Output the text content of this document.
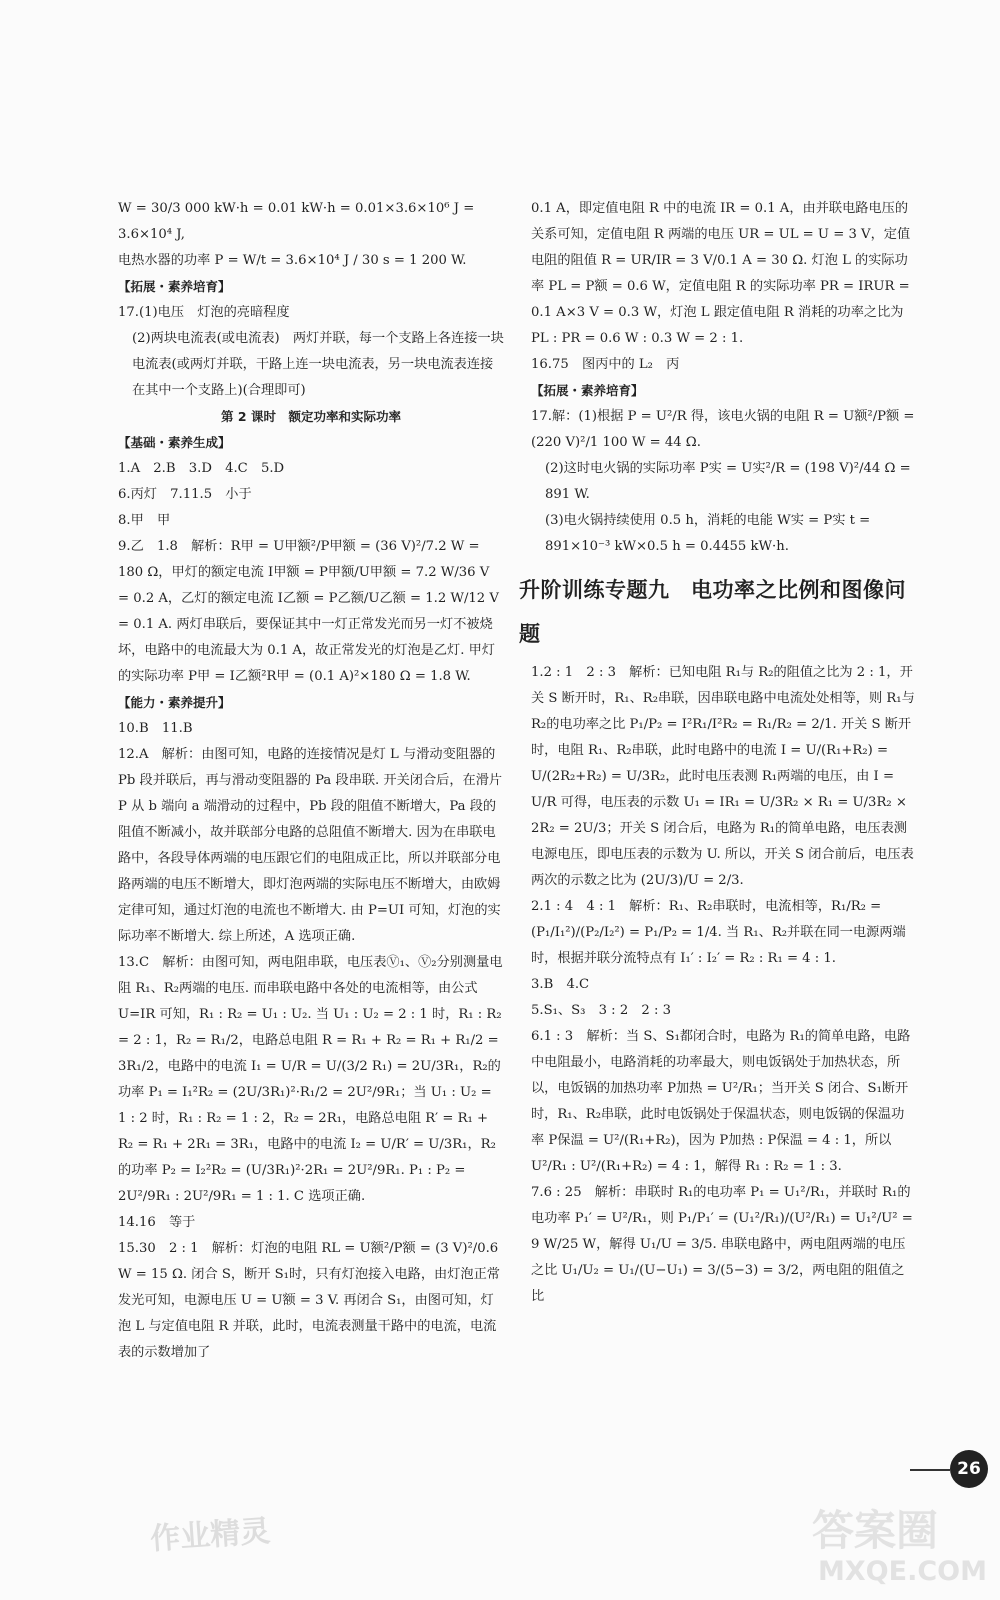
W = 30/3 000 kW·h = 0.01 kW·h = 0.01×3.6×10⁶ J = 3.6×10⁴ J,

电热水器的功率 P = W/t = 3.6×10⁴ J / 30 s = 1 200 W.

【拓展・素养培育】

17.(1)电压　灯泡的亮暗程度

(2)两块电流表(或电流表)　两灯并联，每一个支路上各连接一块电流表(或两灯并联，干路上连一块电流表，另一块电流表连接在其中一个支路上)(合理即可)

第 2 课时　额定功率和实际功率

【基础・素养生成】

1.A　2.B　3.D　4.C　5.D

6.丙灯　7.11.5　小于

8.甲　甲

9.乙　1.8　解析：R甲 = U甲额²/P甲额 = (36 V)²/7.2 W = 180 Ω，甲灯的额定电流 I甲额 = P甲额/U甲额 = 7.2 W/36 V = 0.2 A，乙灯的额定电流 I乙额 = P乙额/U乙额 = 1.2 W/12 V = 0.1 A. 两灯串联后，要保证其中一灯正常发光而另一灯不被烧坏，电路中的电流最大为 0.1 A，故正常发光的灯泡是乙灯. 甲灯的实际功率 P甲 = I乙额²R甲 = (0.1 A)²×180 Ω = 1.8 W.

【能力・素养提升】

10.B　11.B

12.A　解析：由图可知，电路的连接情况是灯 L 与滑动变阻器的 Pb 段并联后，再与滑动变阻器的 Pa 段串联. 开关闭合后，在滑片 P 从 b 端向 a 端滑动的过程中，Pb 段的阻值不断增大，Pa 段的阻值不断减小，故并联部分电路的总阻值不断增大. 因为在串联电路中，各段导体两端的电压跟它们的电阻成正比，所以并联部分电路两端的电压不断增大，即灯泡两端的实际电压不断增大，由欧姆定律可知，通过灯泡的电流也不断增大. 由 P=UI 可知，灯泡的实际功率不断增大. 综上所述，A 选项正确.

13.C　解析：由图可知，两电阻串联，电压表Ⓥ₁、Ⓥ₂分别测量电阻 R₁、R₂两端的电压. 而串联电路中各处的电流相等，由公式 U=IR 可知，R₁ : R₂ = U₁ : U₂. 当 U₁ : U₂ = 2 : 1 时，R₁ : R₂ = 2 : 1，R₂ = R₁/2，电路总电阻 R = R₁ + R₂ = R₁ + R₁/2 = 3R₁/2，电路中的电流 I₁ = U/R = U/(3/2 R₁) = 2U/3R₁，R₂的功率 P₁ = I₁²R₂ = (2U/3R₁)²·R₁/2 = 2U²/9R₁；当 U₁ : U₂ = 1 : 2 时，R₁ : R₂ = 1 : 2，R₂ = 2R₁，电路总电阻 R′ = R₁ + R₂ = R₁ + 2R₁ = 3R₁，电路中的电流 I₂ = U/R′ = U/3R₁，R₂的功率 P₂ = I₂²R₂ = (U/3R₁)²·2R₁ = 2U²/9R₁. P₁ : P₂ = 2U²/9R₁ : 2U²/9R₁ = 1 : 1. C 选项正确.

14.16　等于

15.30　2 : 1　解析：灯泡的电阻 RL = U额²/P额 = (3 V)²/0.6 W = 15 Ω. 闭合 S，断开 S₁时，只有灯泡接入电路，由灯泡正常发光可知，电源电压 U = U额 = 3 V. 再闭合 S₁，由图可知，灯泡 L 与定值电阻 R 并联，此时，电流表测量干路中的电流，电流表的示数增加了

0.1 A，即定值电阻 R 中的电流 IR = 0.1 A，由并联电路电压的关系可知，定值电阻 R 两端的电压 UR = UL = U = 3 V，定值电阻的阻值 R = UR/IR = 3 V/0.1 A = 30 Ω. 灯泡 L 的实际功率 PL = P额 = 0.6 W，定值电阻 R 的实际功率 PR = IRUR = 0.1 A×3 V = 0.3 W，灯泡 L 跟定值电阻 R 消耗的功率之比为 PL : PR = 0.6 W : 0.3 W = 2 : 1.

16.75　图丙中的 L₂　丙

【拓展・素养培育】

17.解：(1)根据 P = U²/R 得，该电火锅的电阻 R = U额²/P额 = (220 V)²/1 100 W = 44 Ω.

(2)这时电火锅的实际功率 P实 = U实²/R = (198 V)²/44 Ω = 891 W.

(3)电火锅持续使用 0.5 h，消耗的电能 W实 = P实 t = 891×10⁻³ kW×0.5 h = 0.4455 kW·h.

升阶训练专题九　电功率之比例和图像问题

1.2 : 1　2 : 3　解析：已知电阻 R₁与 R₂的阻值之比为 2 : 1，开关 S 断开时，R₁、R₂串联，因串联电路中电流处处相等，则 R₁与 R₂的电功率之比 P₁/P₂ = I²R₁/I²R₂ = R₁/R₂ = 2/1. 开关 S 断开时，电阻 R₁、R₂串联，此时电路中的电流 I = U/(R₁+R₂) = U/(2R₂+R₂) = U/3R₂，此时电压表测 R₁两端的电压，由 I = U/R 可得，电压表的示数 U₁ = IR₁ = U/3R₂ × R₁ = U/3R₂ × 2R₂ = 2U/3；开关 S 闭合后，电路为 R₁的简单电路，电压表测电源电压，即电压表的示数为 U. 所以，开关 S 闭合前后，电压表两次的示数之比为 (2U/3)/U = 2/3.

2.1 : 4　4 : 1　解析：R₁、R₂串联时，电流相等，R₁/R₂ = (P₁/I₁²)/(P₂/I₂²) = P₁/P₂ = 1/4. 当 R₁、R₂并联在同一电源两端时，根据并联分流特点有 I₁′ : I₂′ = R₂ : R₁ = 4 : 1.

3.B　4.C

5.S₁、S₃　3 : 2　2 : 3

6.1 : 3　解析：当 S、S₁都闭合时，电路为 R₁的简单电路，电路中电阻最小，电路消耗的功率最大，则电饭锅处于加热状态，所以，电饭锅的加热功率 P加热 = U²/R₁；当开关 S 闭合、S₁断开时，R₁、R₂串联，此时电饭锅处于保温状态，则电饭锅的保温功率 P保温 = U²/(R₁+R₂)，因为 P加热 : P保温 = 4 : 1，所以 U²/R₁ : U²/(R₁+R₂) = 4 : 1，解得 R₁ : R₂ = 1 : 3.

7.6 : 25　解析：串联时 R₁的电功率 P₁ = U₁²/R₁，并联时 R₁的电功率 P₁′ = U²/R₁，则 P₁/P₁′ = (U₁²/R₁)/(U²/R₁) = U₁²/U² = 9 W/25 W，解得 U₁/U = 3/5. 串联电路中，两电阻两端的电压之比 U₁/U₂ = U₁/(U−U₁) = 3/(5−3) = 3/2，两电阻的阻值之比

26
作业精灵	答案圈
MXQE.COM
